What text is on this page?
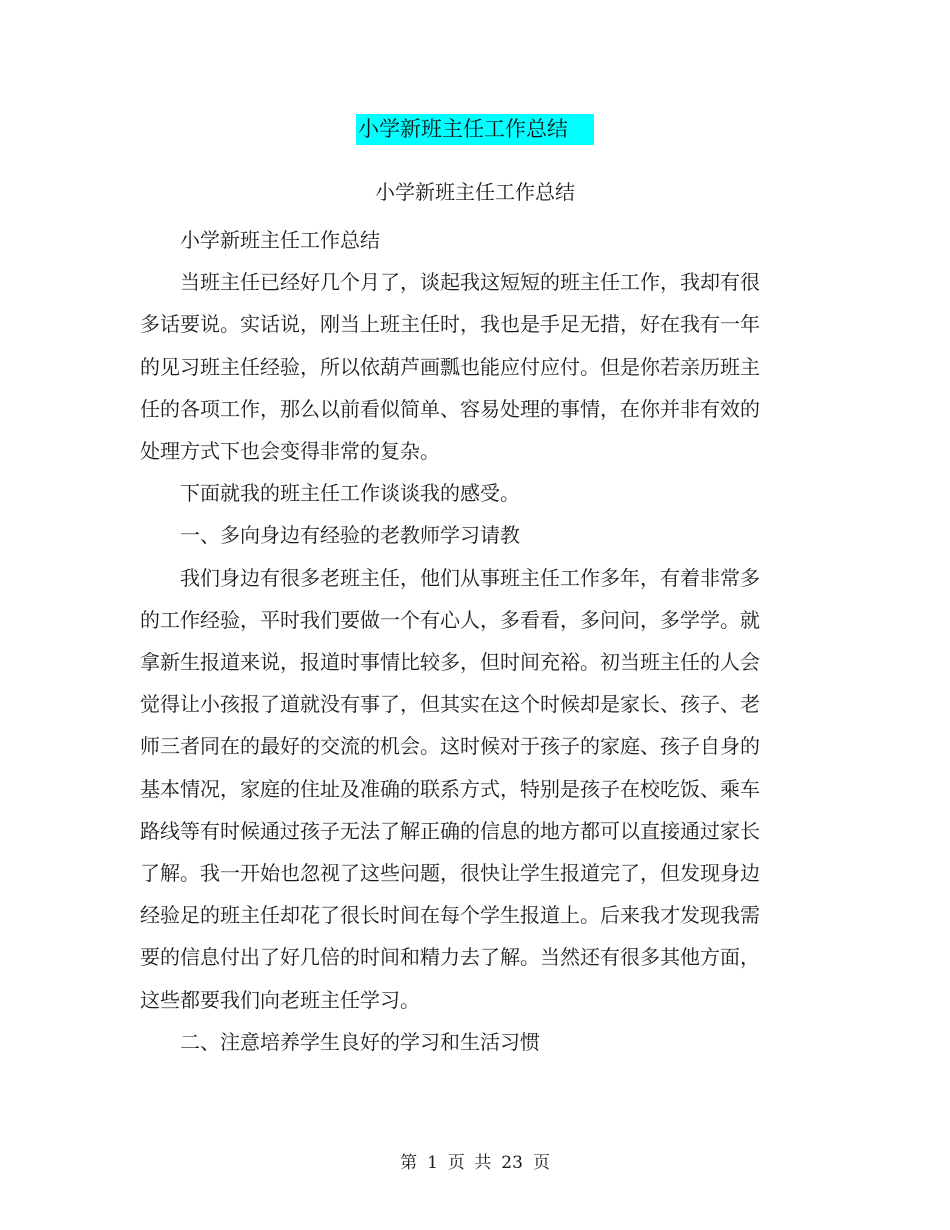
小学新班主任工作总结
小学新班主任工作总结

小学新班主任工作总结

当班主任已经好几个月了，谈起我这短短的班主任工作，我却有很多话要说。实话说，刚当上班主任时，我也是手足无措，好在我有一年的见习班主任经验，所以依葫芦画瓢也能应付应付。但是你若亲历班主任的各项工作，那么以前看似简单、容易处理的事情，在你并非有效的处理方式下也会变得非常的复杂。

下面就我的班主任工作谈谈我的感受。

一、多向身边有经验的老教师学习请教

我们身边有很多老班主任，他们从事班主任工作多年，有着非常多的工作经验，平时我们要做一个有心人，多看看，多问问，多学学。就拿新生报道来说，报道时事情比较多，但时间充裕。初当班主任的人会觉得让小孩报了道就没有事了，但其实在这个时候却是家长、孩子、老师三者同在的最好的交流的机会。这时候对于孩子的家庭、孩子自身的基本情况，家庭的住址及准确的联系方式，特别是孩子在校吃饭、乘车路线等有时候通过孩子无法了解正确的信息的地方都可以直接通过家长了解。我一开始也忽视了这些问题，很快让学生报道完了，但发现身边经验足的班主任却花了很长时间在每个学生报道上。后来我才发现我需要的信息付出了好几倍的时间和精力去了解。当然还有很多其他方面，这些都要我们向老班主任学习。

二、注意培养学生良好的学习和生活习惯

第 1 页 共 23 页
